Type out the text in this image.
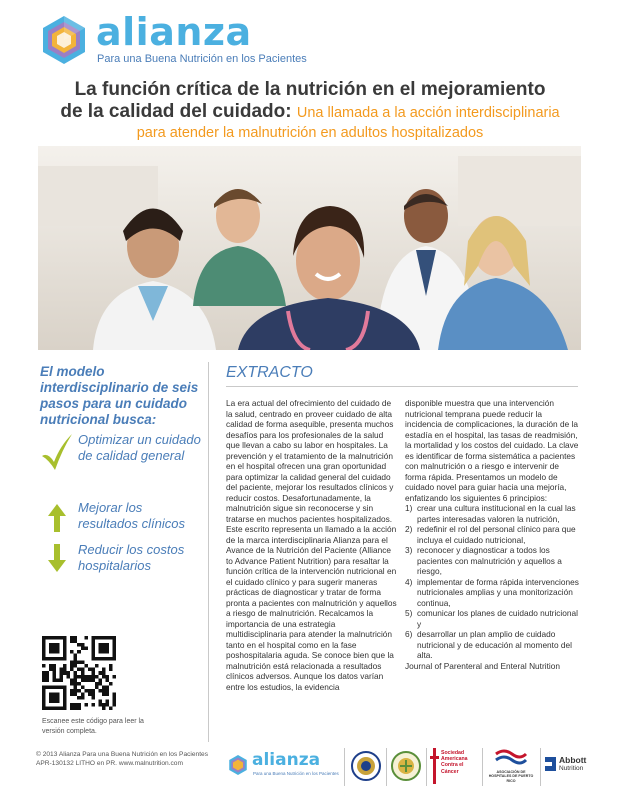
alianza
Para una Buena Nutrición en los Pacientes
La función crítica de la nutrición en el mejoramiento
de la calidad del cuidado: Una llamada a la acción interdisciplinaria
para atender la malnutrición en adultos hospitalizados
El modelo interdisciplinario de seis pasos para un cuidado nutricional busca:
Optimizar un cuidado de calidad general
Mejorar los resultados clínicos
Reducir los costos hospitalarios
Escanee este código para leer la versión completa.
© 2013 Alianza Para una Buena Nutrición en los Pacientes APR-130132 LITHO en PR. www.malnutrition.com
EXTRACTO

La era actual del ofrecimiento del cuidado de la salud, centrado en proveer cuidado de alta calidad de forma asequible, presenta muchos desafíos para los profesionales de la salud que llevan a cabo su labor en hospitales. La prevención y el tratamiento de la malnutrición en el hospital ofrecen una gran oportunidad para optimizar la calidad general del cuidado del paciente, mejorar los resultados clínicos y reducir costos. Desafortunadamente, la malnutrición sigue sin reconocerse y sin tratarse en muchos pacientes hospitalizados. Este escrito representa un llamado a la acción de la marca interdisciplinaria Alianza para el Avance de la Nutrición del Paciente (Alliance to Advance Patient Nutrition) para resaltar la función crítica de la intervención nutricional en el cuidado clínico y para sugerir maneras prácticas de diagnosticar y tratar de forma pronta a pacientes con malnutrición y aquellos a riesgo de malnutrición. Recalcamos la importancia de una estrategia multidisciplinaria para atender la malnutrición tanto en el hospital como en la fase poshospitalaria aguda. Se conoce bien que la malnutrición está relacionada a resultados clínicos adversos. Aunque los datos varían entre los estudios, la evidencia

disponible muestra que una intervención nutricional temprana puede reducir la incidencia de complicaciones, la duración de la estadía en el hospital, las tasas de readmisión, la mortalidad y los costos del cuidado. La clave es identificar de forma sistemática a pacientes con malnutrición o a riesgo e intervenir de forma rápida. Presentamos un modelo de cuidado novel para guiar hacia una mejoría, enfatizando los siguientes 6 principios:

1) crear una cultura institucional en la cual las partes interesadas valoren la nutrición,
2) redefinir el rol del personal clínico para que incluya el cuidado nutricional,
3) reconocer y diagnosticar a todos los pacientes con malnutrición y aquellos a riesgo,
4) implementar de forma rápida intervenciones nutricionales amplias y una monitorización continua,
5) comunicar los planes de cuidado nutricional y
6) desarrollar un plan amplio de cuidado nutricional y de educación al momento del alta.

Journal of Parenteral and Enteral Nutrition

alianza
Para una Buena Nutrición en los Pacientes
Sociedad Americana Contra el Cáncer	ASOCIACIÓN DE HOSPITALES DE PUERTO RICO
Abbott
Nutrition
